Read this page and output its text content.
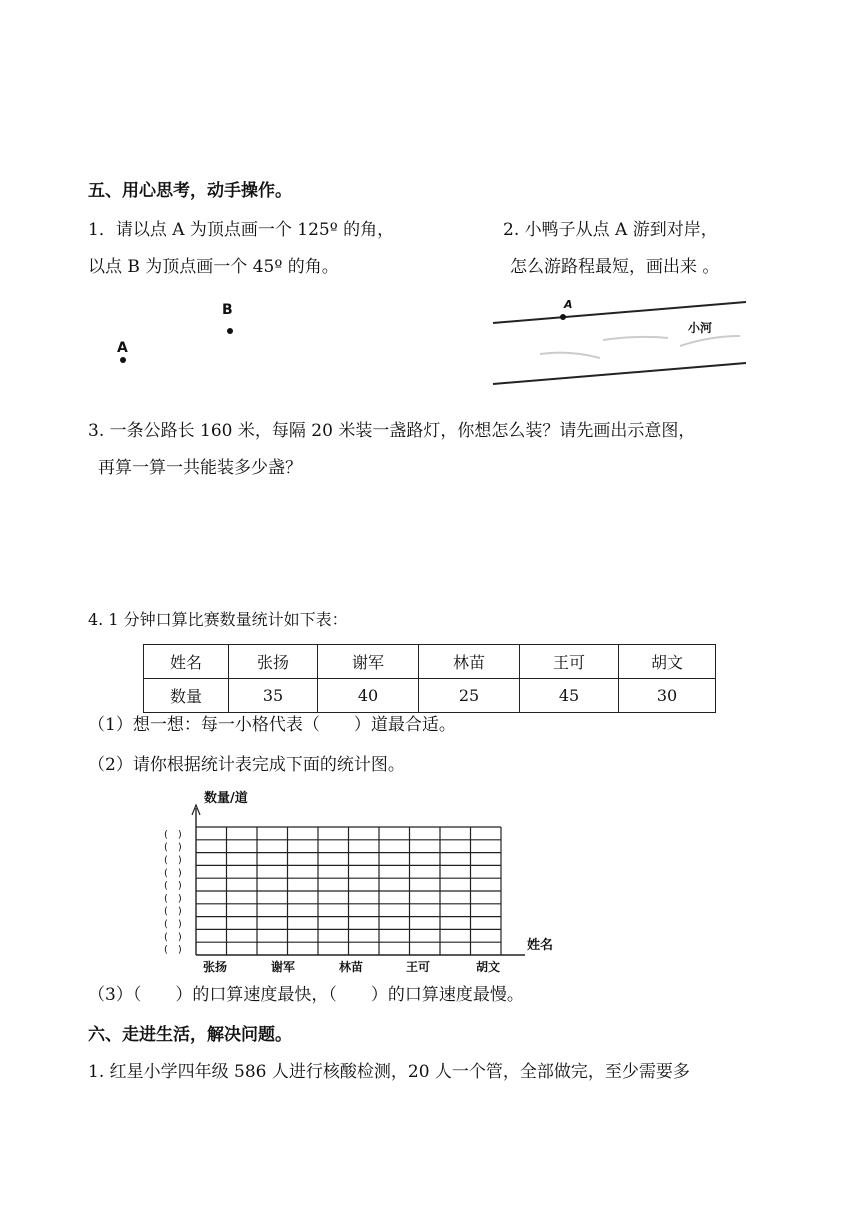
五、用心思考，动手操作。
1．请以点 A 为顶点画一个 125º 的角，
以点 B 为顶点画一个 45º 的角。
B
A
2. 小鸭子从点 A 游到对岸，
怎么游路程最短，画出来 。
A
小河
3. 一条公路长 160 米，每隔 20 米装一盏路灯，你想怎么装？请先画出示意图，
再算一算一共能装多少盏？
4. 1 分钟口算比赛数量统计如下表：
姓名	张扬	谢军	林苗	王可	胡文
数量	35	40	25	45	30
（1）想一想：每一小格代表（　　）道最合适。
（2）请你根据统计表完成下面的统计图。
数量/道
姓名
(　)
(　)
(　)
(　)
(　)
(　)
(　)
(　)
(　)
(　)
张扬	谢军	林苗	王可	胡文
（3）（　　）的口算速度最快，（　　）的口算速度最慢。
六、走进生活，解决问题。
1. 红星小学四年级 586 人进行核酸检测，20 人一个管，全部做完，至少需要多
